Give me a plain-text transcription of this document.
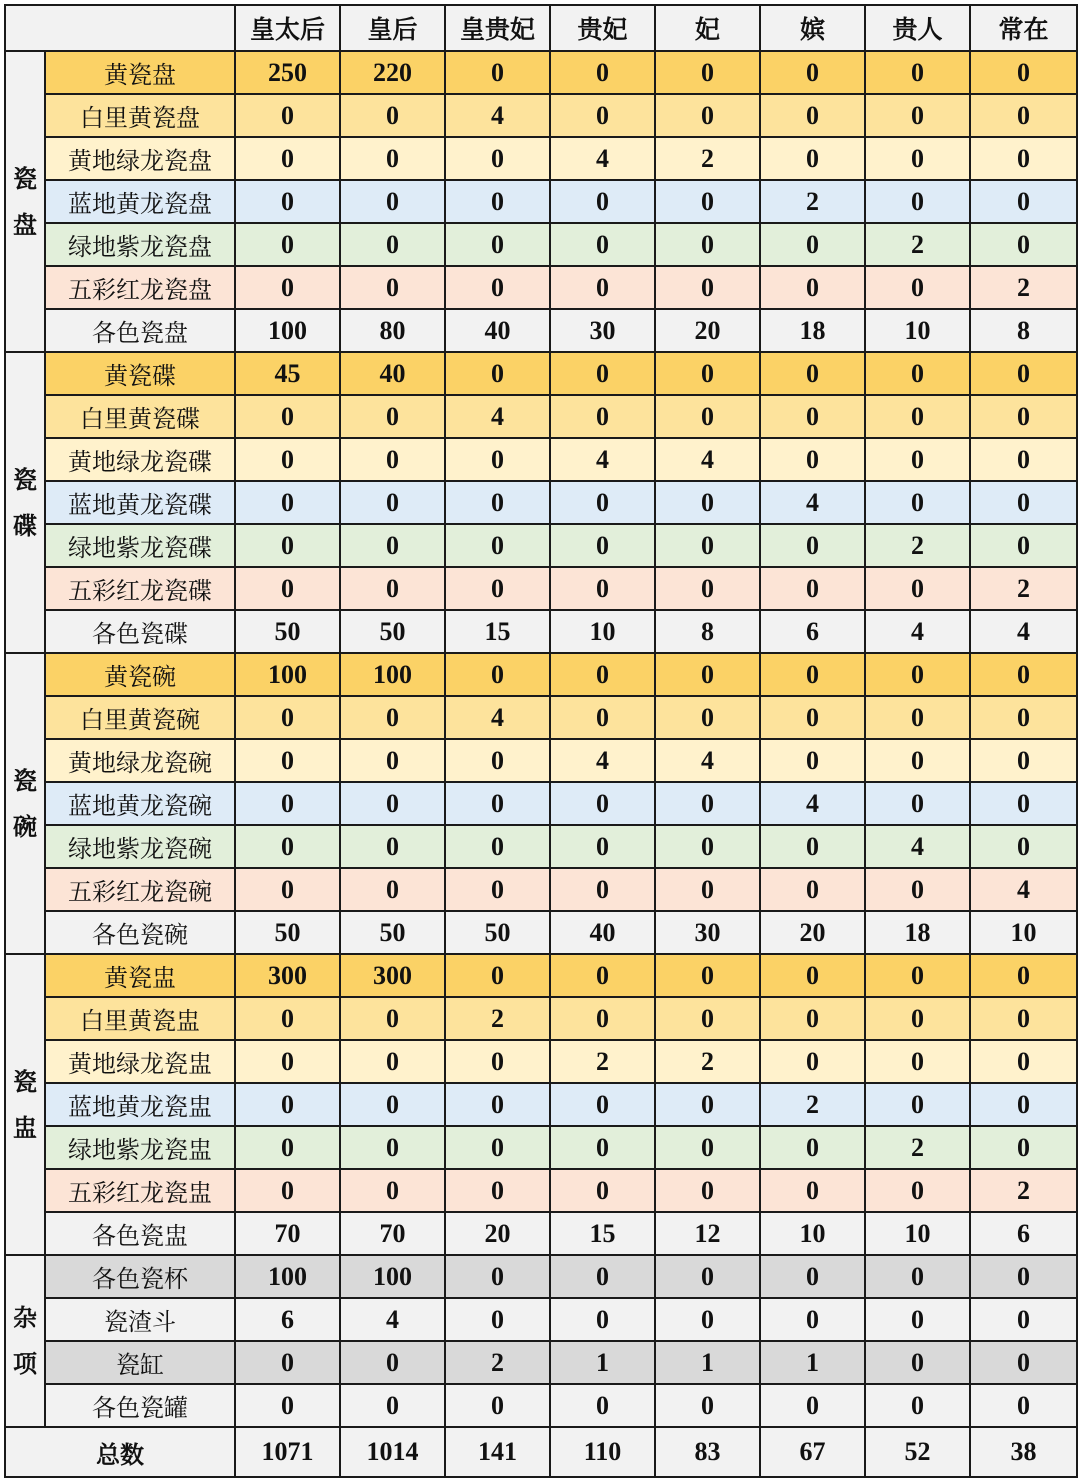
		皇太后	皇后	皇贵妃	贵妃	妃	嫔	贵人	常在
瓷盘	黄瓷盘	250	220	0	0	0	0	0	0
	白里黄瓷盘	0	0	4	0	0	0	0	0
	黄地绿龙瓷盘	0	0	0	4	2	0	0	0
	蓝地黄龙瓷盘	0	0	0	0	0	2	0	0
	绿地紫龙瓷盘	0	0	0	0	0	0	2	0
	五彩红龙瓷盘	0	0	0	0	0	0	0	2
	各色瓷盘	100	80	40	30	20	18	10	8
瓷碟	黄瓷碟	45	40	0	0	0	0	0	0
	白里黄瓷碟	0	0	4	0	0	0	0	0
	黄地绿龙瓷碟	0	0	0	4	4	0	0	0
	蓝地黄龙瓷碟	0	0	0	0	0	4	0	0
	绿地紫龙瓷碟	0	0	0	0	0	0	2	0
	五彩红龙瓷碟	0	0	0	0	0	0	0	2
	各色瓷碟	50	50	15	10	8	6	4	4
瓷碗	黄瓷碗	100	100	0	0	0	0	0	0
	白里黄瓷碗	0	0	4	0	0	0	0	0
	黄地绿龙瓷碗	0	0	0	4	4	0	0	0
	蓝地黄龙瓷碗	0	0	0	0	0	4	0	0
	绿地紫龙瓷碗	0	0	0	0	0	0	4	0
	五彩红龙瓷碗	0	0	0	0	0	0	0	4
	各色瓷碗	50	50	50	40	30	20	18	10
瓷盅	黄瓷盅	300	300	0	0	0	0	0	0
	白里黄瓷盅	0	0	2	0	0	0	0	0
	黄地绿龙瓷盅	0	0	0	2	2	0	0	0
	蓝地黄龙瓷盅	0	0	0	0	0	2	0	0
	绿地紫龙瓷盅	0	0	0	0	0	0	2	0
	五彩红龙瓷盅	0	0	0	0	0	0	0	2
	各色瓷盅	70	70	20	15	12	10	10	6
杂项	各色瓷杯	100	100	0	0	0	0	0	0
	瓷渣斗	6	4	0	0	0	0	0	0
	瓷缸	0	0	2	1	1	1	0	0
	各色瓷罐	0	0	0	0	0	0	0	0
总数		1071	1014	141	110	83	67	52	38
